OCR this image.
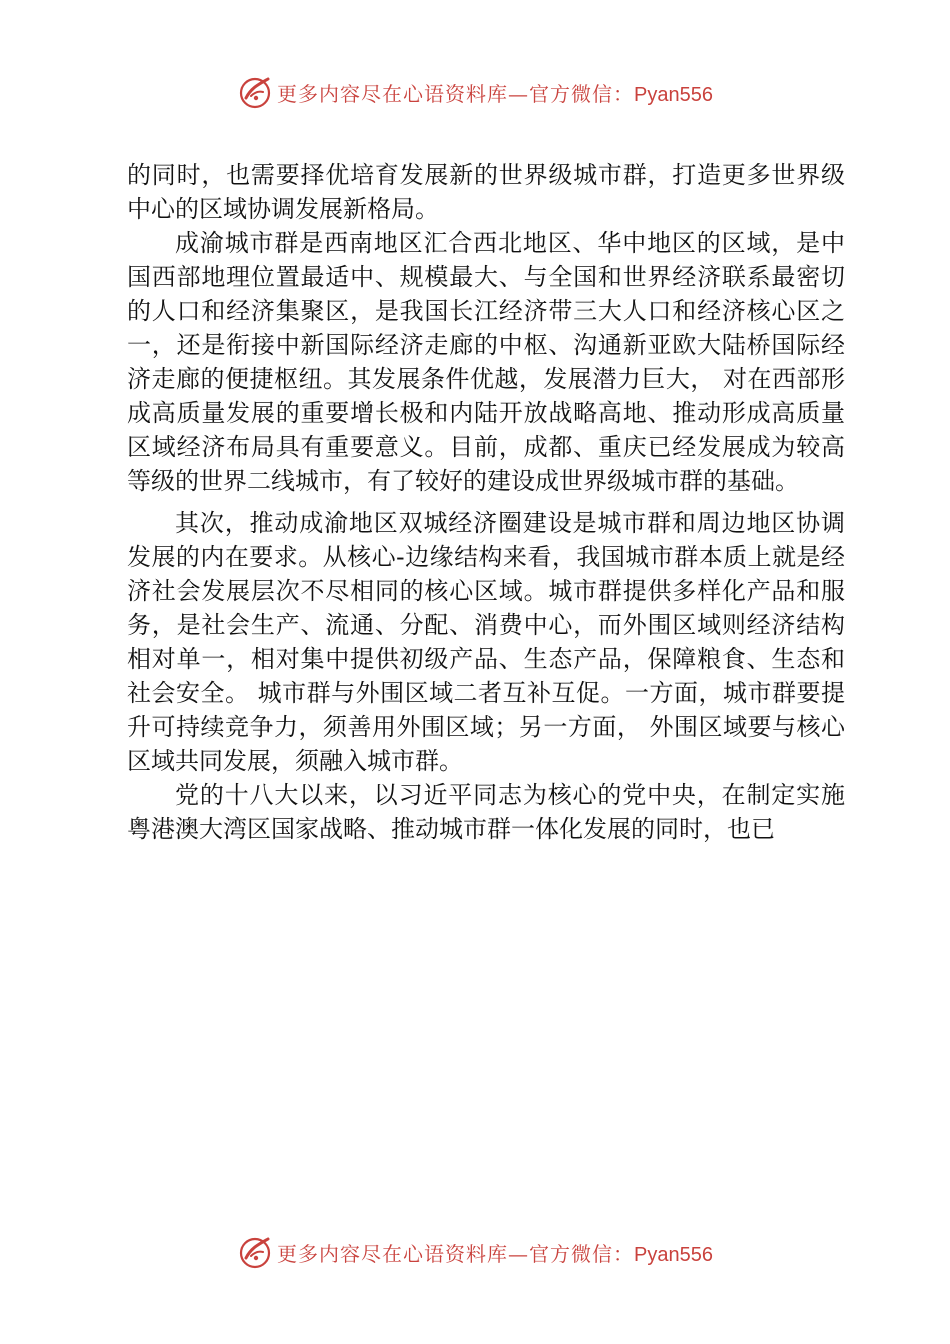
更多内容尽在心语资料库—官方微信：Pyan556

的同时，也需要择优培育发展新的世界级城市群，打造更多世界级中心的区域协调发展新格局。

成渝城市群是西南地区汇合西北地区、华中地区的区域，是中国西部地理位置最适中、规模最大、与全国和世界经济联系最密切的人口和经济集聚区，是我国长江经济带三大人口和经济核心区之一，还是衔接中新国际经济走廊的中枢、沟通新亚欧大陆桥国际经济走廊的便捷枢纽。其发展条件优越，发展潜力巨大， 对在西部形成高质量发展的重要增长极和内陆开放战略高地、推动形成高质量区域经济布局具有重要意义。目前，成都、重庆已经发展成为较高等级的世界二线城市，有了较好的建设成世界级城市群的基础。

其次，推动成渝地区双城经济圈建设是城市群和周边地区协调发展的内在要求。从核心-边缘结构来看，我国城市群本质上就是经济社会发展层次不尽相同的核心区域。城市群提供多样化产品和服务，是社会生产、流通、分配、消费中心，而外围区域则经济结构相对单一，相对集中提供初级产品、生态产品，保障粮食、生态和社会安全。 城市群与外围区域二者互补互促。一方面，城市群要提升可持续竞争力，须善用外围区域；另一方面， 外围区域要与核心区域共同发展，须融入城市群。

党的十八大以来，以习近平同志为核心的党中央，在制定实施粤港澳大湾区国家战略、推动城市群一体化发展的同时，也已

更多内容尽在心语资料库—官方微信：Pyan556
